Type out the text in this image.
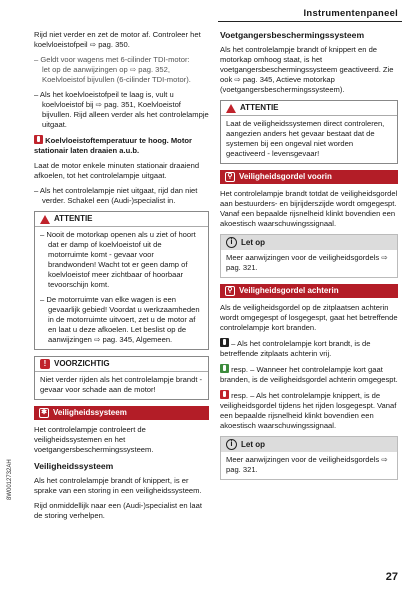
Instrumentenpaneel

Rijd niet verder en zet de motor af. Controleer het koelvloeistofpeil ⇨ pag. 350.

– Geldt voor wagens met 6-cilinder TDI-motor:

let op de aanwijzingen op ⇨ pag. 352, Koelvloeistof bijvullen (6-cilinder TDI-motor).

– Als het koelvloeistofpeil te laag is, vult u koelvloeistof bij ⇨ pag. 351, Koelvloeistof bijvullen. Rijd alleen verder als het controlelampje uitgaat.

Koelvloeistoftemperatuur te hoog. Motor stationair laten draaien a.u.b.

Laat de motor enkele minuten stationair draaiend afkoelen, tot het controlelampje uitgaat.

– Als het controlelampje niet uitgaat, rijd dan niet verder. Schakel een (Audi-)specialist in.

ATTENTIE

– Nooit de motorkap openen als u ziet of hoort dat er damp of koelvloeistof uit de motorruimte komt - gevaar voor brandwonden! Wacht tot er geen damp of koelvloeistof meer zichtbaar of hoorbaar tevoorschijn komt.

– De motorruimte van elke wagen is een gevaarlijk gebied! Voordat u werkzaamheden in de motorruimte uitvoert, zet u de motor af en laat u deze afkoelen. Let beslist op de aanwijzingen ⇨ pag. 345, Algemeen.

! VOORZICHTIG

Niet verder rijden als het controlelampje brandt - gevaar voor schade aan de motor!

✱ Veiligheidssysteem

Het controlelampje controleert de veiligheidssystemen en het voetgangersbeschermingssysteem.

Veiligheidssysteem

Als het controlelampje brandt of knippert, is er sprake van een storing in een veiligheidssysteem.

Rijd onmiddellijk naar een (Audi-)specialist en laat de storing verhelpen.

Voetgangersbeschermingssysteem

Als het controlelampje brandt of knippert en de motorkap omhoog staat, is het voetgangersbeschermingssysteem geactiveerd. Zie ook ⇨ pag. 345, Actieve motorkap (voetgangersbeschermingssysteem).

ATTENTIE

Laat de veiligheidssystemen direct controleren, aangezien anders het gevaar bestaat dat de systemen bij een ongeval niet worden geactiveerd - levensgevaar!

⚲ Veiligheidsgordel voorin

Het controlelampje brandt totdat de veiligheidsgordel aan bestuurders- en bijrijderszijde wordt omgegespt. Vanaf een bepaalde rijsnelheid klinkt bovendien een akoestisch waarschuwingssignaal.

i	Let op

Meer aanwijzingen voor de veiligheidsgordels ⇨ pag. 321.

⚲ Veiligheidsgordel achterin

Als de veiligheidsgordel op de zitplaatsen achterin wordt omgegespt of losgegespt, gaat het betreffende controlelampje kort branden.

– Als het controlelampje kort brandt, is de betreffende zitplaats achterin vrij.

resp. – Wanneer het controlelampje kort gaat branden, is de veiligheidsgordel achterin omgegespt.

resp. – Als het controlelampje knippert, is de veiligheidsgordel tijdens het rijden losgegespt. Vanaf een bepaalde rijsnelheid klinkt bovendien een akoestisch waarschuwingssignaal.

i	Let op

Meer aanwijzingen voor de veiligheidsgordels ⇨ pag. 321.

8W0012732AH
27
